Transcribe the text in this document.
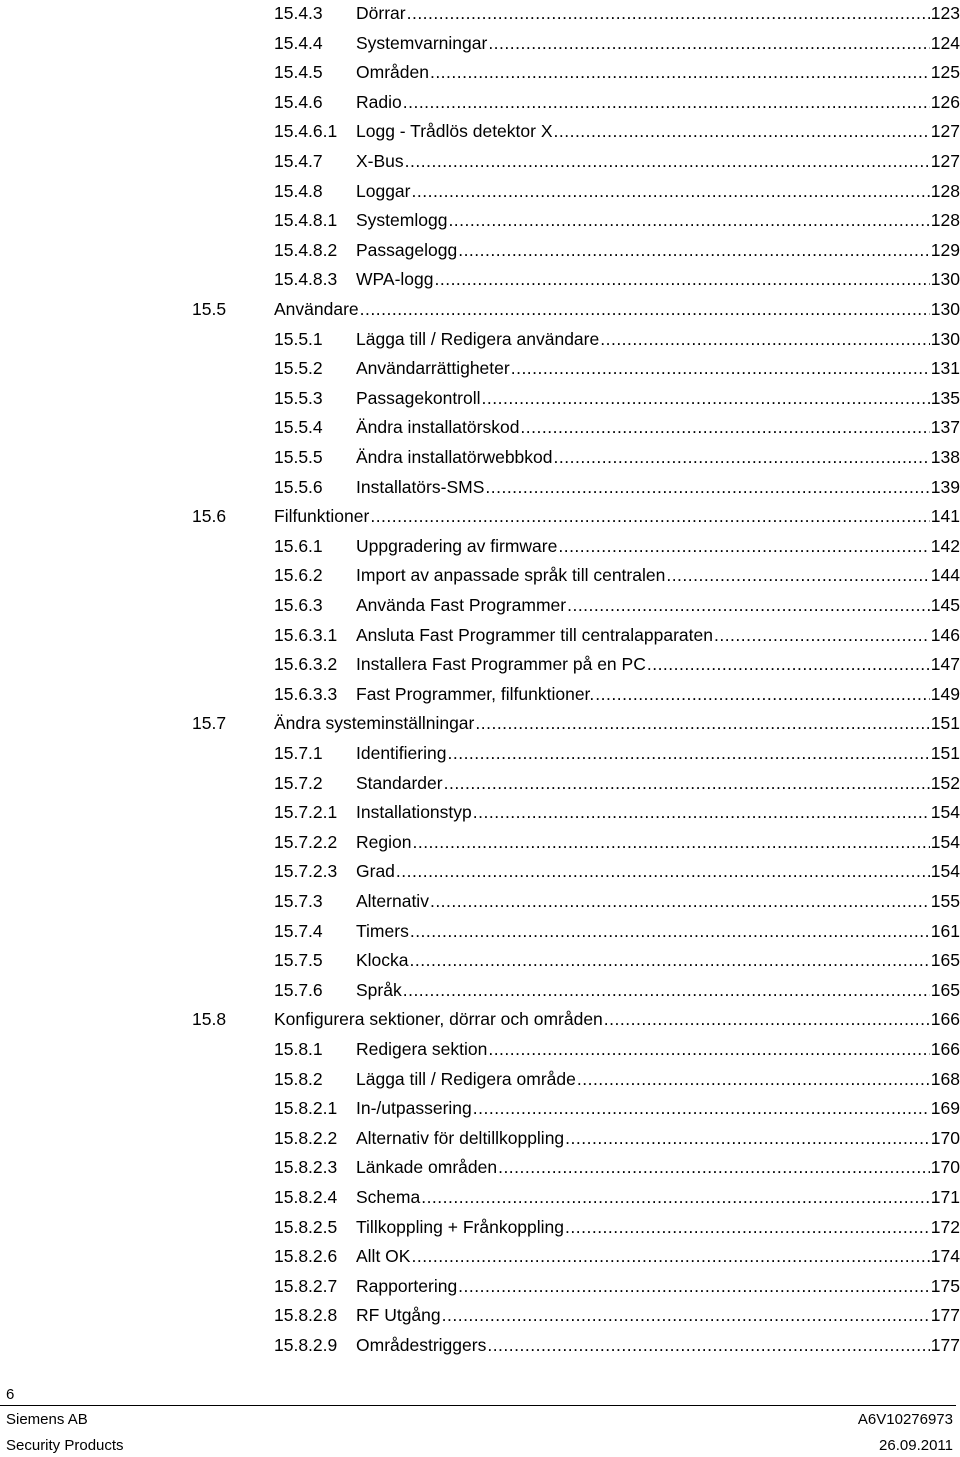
15.4.3 Dörrar .....	123
15.4.4 Systemvarningar .....	124
15.4.5 Områden .....	125
15.4.6 Radio .....	126
15.4.6.1 Logg - Trådlös detektor X .....	127
15.4.7 X-Bus .....	127
15.4.8 Loggar .....	128
15.4.8.1 Systemlogg .....	128
15.4.8.2 Passagelogg .....	129
15.4.8.3 WPA-logg .....	130
15.5	Användare .....	130
15.5.1 Lägga till / Redigera användare .....	130
15.5.2 Användarrättigheter .....	131
15.5.3 Passagekontroll .....	135
15.5.4 Ändra installatörskod .....	137
15.5.5 Ändra installatörwebbkod .....	138
15.5.6 Installatörs-SMS .....	139
15.6	Filfunktioner .....	141
15.6.1 Uppgradering av firmware .....	142
15.6.2 Import av anpassade språk till centralen .....	144
15.6.3 Använda Fast Programmer .....	145
15.6.3.1 Ansluta Fast Programmer till centralapparaten .....	146
15.6.3.2 Installera Fast Programmer på en PC .....	147
15.6.3.3 Fast Programmer, filfunktioner. .....	149
15.7	Ändra systeminställningar .....	151
15.7.1 Identifiering .....	151
15.7.2 Standarder .....	152
15.7.2.1 Installationstyp .....	154
15.7.2.2 Region .....	154
15.7.2.3 Grad .....	154
15.7.3 Alternativ .....	155
15.7.4 Timers .....	161
15.7.5 Klocka .....	165
15.7.6 Språk .....	165
15.8	Konfigurera sektioner, dörrar och områden .....	166
15.8.1 Redigera sektion .....	166
15.8.2 Lägga till / Redigera område .....	168
15.8.2.1 In-/utpassering .....	169
15.8.2.2 Alternativ för deltillkoppling .....	170
15.8.2.3 Länkade områden .....	170
15.8.2.4 Schema .....	171
15.8.2.5 Tillkoppling + Frånkoppling .....	172
15.8.2.6 Allt OK .....	174
15.8.2.7 Rapportering .....	175
15.8.2.8 RF Utgång .....	177
15.8.2.9 Områdestriggers .....	177
6
Siemens AB	A6V10276973
Security Products	26.09.2011
